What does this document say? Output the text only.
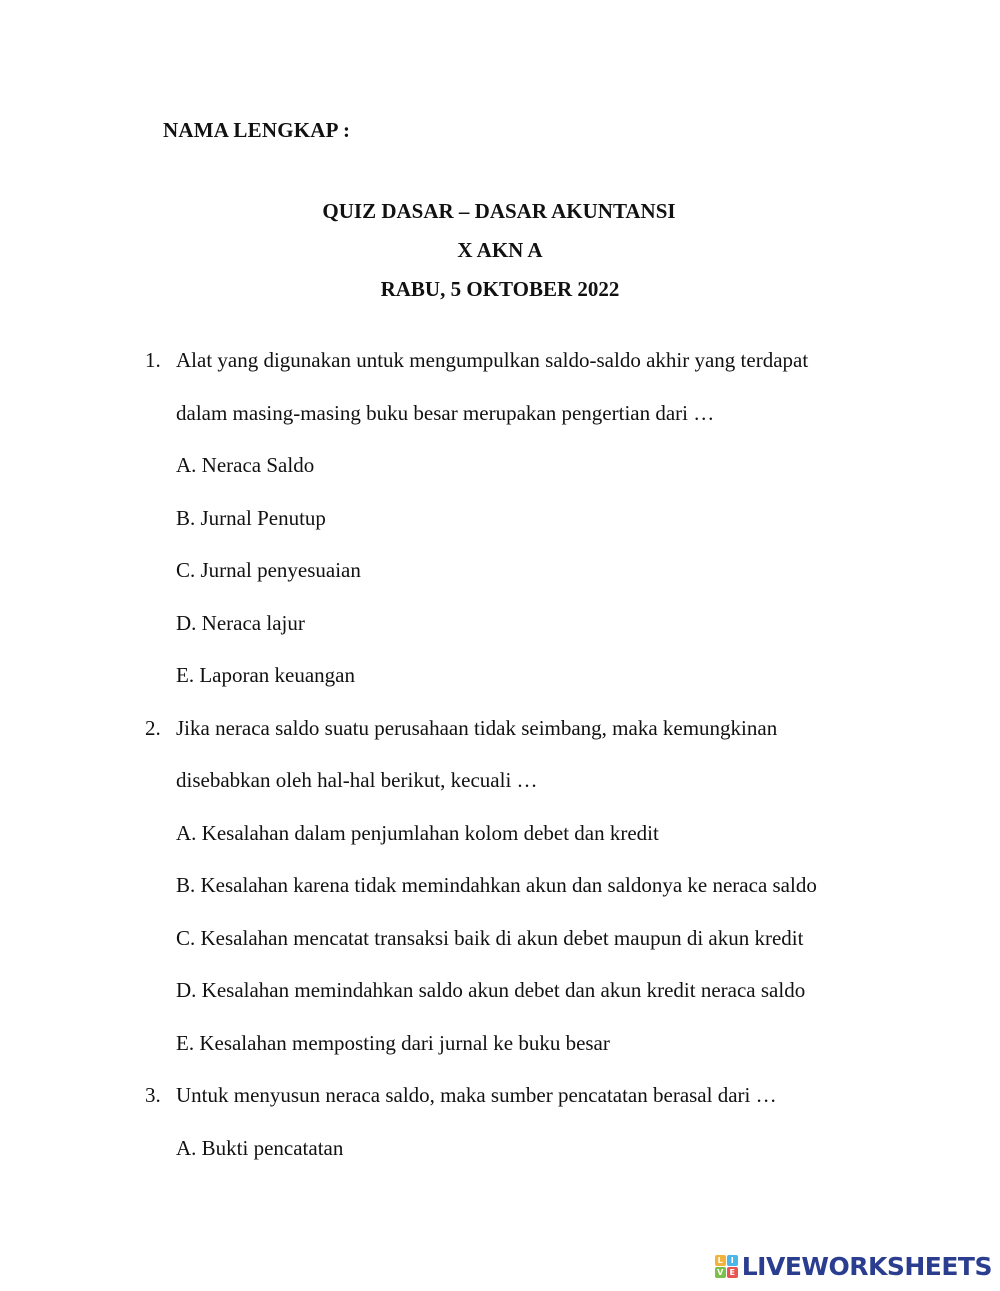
NAMA LENGKAP :
QUIZ DASAR – DASAR AKUNTANSI
X AKN A
RABU, 5 OKTOBER 2022
1. Alat yang digunakan untuk mengumpulkan saldo-saldo akhir yang terdapat
dalam masing-masing buku besar merupakan pengertian dari …
A. Neraca Saldo
B. Jurnal Penutup
C. Jurnal penyesuaian
D. Neraca lajur
E. Laporan keuangan
2. Jika neraca saldo suatu perusahaan tidak seimbang, maka kemungkinan
disebabkan oleh hal-hal berikut, kecuali …
A. Kesalahan dalam penjumlahan kolom debet dan kredit
B. Kesalahan karena tidak memindahkan akun dan saldonya ke neraca saldo
C. Kesalahan mencatat transaksi baik di akun debet maupun di akun kredit
D. Kesalahan memindahkan saldo akun debet dan akun kredit neraca saldo
E. Kesalahan memposting dari jurnal ke buku besar
3. Untuk menyusun neraca saldo, maka sumber pencatatan berasal dari …
A. Bukti pencatatan
L I
V E LIVEWORKSHEETS
